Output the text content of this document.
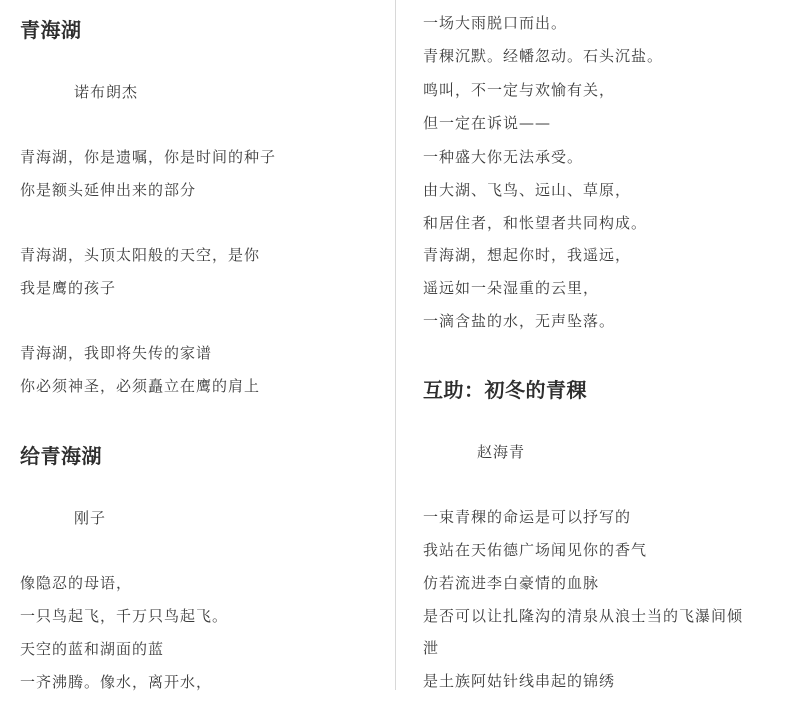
青海湖
诺布朗杰
青海湖，你是遗嘱，你是时间的种子
你是额头延伸出来的部分
青海湖，头顶太阳般的天空，是你
我是鹰的孩子
青海湖，我即将失传的家谱
你必须神圣，必须矗立在鹰的肩上
给青海湖
刚子
像隐忍的母语，
一只鸟起飞，千万只鸟起飞。
天空的蓝和湖面的蓝
一齐沸腾。像水，离开水，
一场大雨脱口而出。
青稞沉默。经幡忽动。石头沉盐。
鸣叫，不一定与欢愉有关，
但一定在诉说——
一种盛大你无法承受。
由大湖、飞鸟、远山、草原，
和居住者，和怅望者共同构成。
青海湖，想起你时，我遥远，
遥远如一朵湿重的云里，
一滴含盐的水，无声坠落。
互助：初冬的青稞
赵海青
一束青稞的命运是可以抒写的
我站在天佑德广场闻见你的香气
仿若流进李白豪情的血脉
是否可以让扎隆沟的清泉从浪士当的飞瀑间倾
泄
是土族阿姑针线串起的锦绣
